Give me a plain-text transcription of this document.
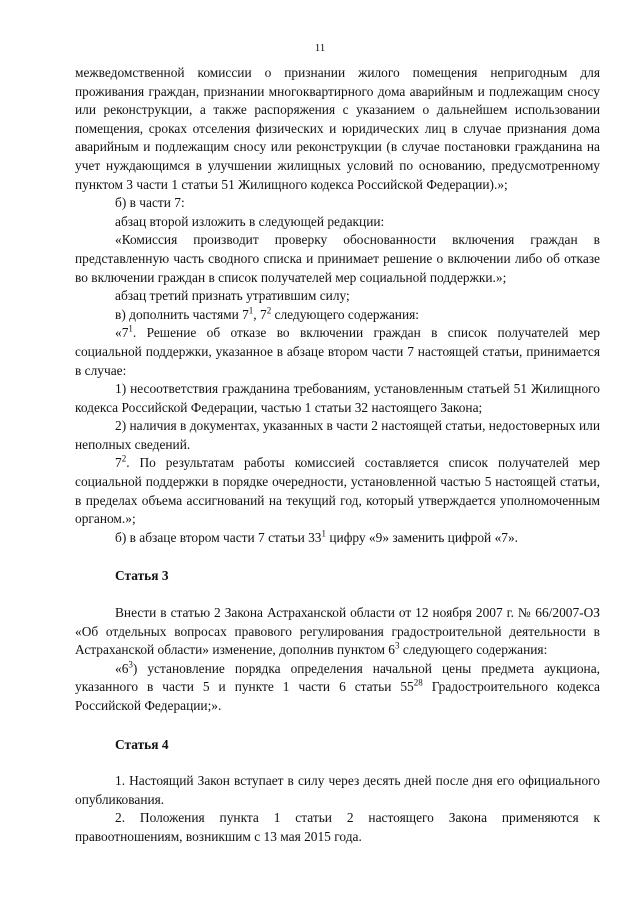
11

межведомственной комиссии о признании жилого помещения непригодным для проживания граждан, признании многоквартирного дома аварийным и подлежащим сносу или реконструкции, а также распоряжения с указанием о дальнейшем использовании помещения, сроках отселения физических и юридических лиц в случае признания дома аварийным и подлежащим сносу или реконструкции (в случае постановки гражданина на учет нуждающимся в улучшении жилищных условий по основанию, предусмотренному пунктом 3 части 1 статьи 51 Жилищного кодекса Российской Федерации).»;

б) в части 7:

абзац второй изложить в следующей редакции:

«Комиссия производит проверку обоснованности включения граждан в представленную часть сводного списка и принимает решение о включении либо об отказе во включении граждан в список получателей мер социальной поддержки.»;

абзац третий признать утратившим силу;

в) дополнить частями $7^1$, $7^2$ следующего содержания:

«$7^1$. Решение об отказе во включении граждан в список получателей мер социальной поддержки, указанное в абзаце втором части 7 настоящей статьи, принимается в случае:

1) несоответствия гражданина требованиям, установленным статьей 51 Жилищного кодекса Российской Федерации, частью 1 статьи 32 настоящего Закона;

2) наличия в документах, указанных в части 2 настоящей статьи, недостоверных или неполных сведений.

$7^2$. По результатам работы комиссией составляется список получателей мер социальной поддержки в порядке очередности, установленной частью 5 настоящей статьи, в пределах объема ассигнований на текущий год, который утверждается уполномоченным органом.»;

б) в абзаце втором части 7 статьи $33^1$ цифру «9» заменить цифрой «7».

Статья 3

Внести в статью 2 Закона Астраханской области от 12 ноября 2007 г. № 66/2007-ОЗ «Об отдельных вопросах правового регулирования градостроительной деятельности в Астраханской области» изменение, дополнив пунктом $6^3$ следующего содержания:

«$6^3$) установление порядка определения начальной цены предмета аукциона, указанного в части 5 и пункте 1 части 6 статьи $55^{28}$ Градостроительного кодекса Российской Федерации;».

Статья 4

1. Настоящий Закон вступает в силу через десять дней после дня его официального опубликования.

2. Положения пункта 1 статьи 2 настоящего Закона применяются к правоотношениям, возникшим с 13 мая 2015 года.
